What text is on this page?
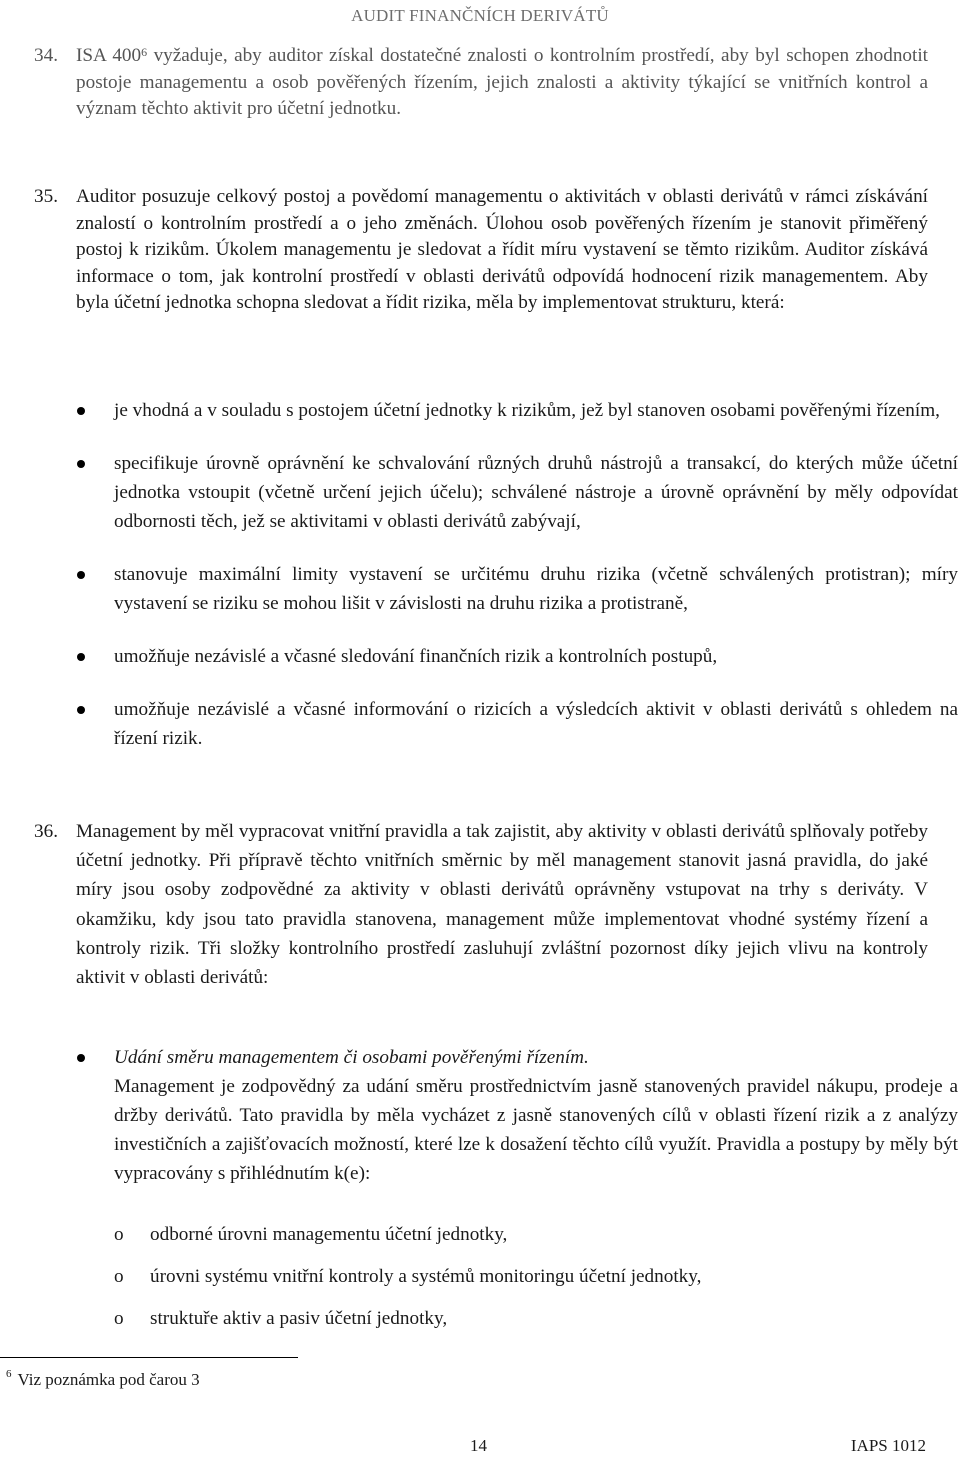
AUDIT FINANČNÍCH DERIVÁTŮ
34. ISA 400$^6$ vyžaduje, aby auditor získal dostatečné znalosti o kontrolním prostředí, aby byl schopen zhodnotit postoje managementu a osob pověřených řízením, jejich znalosti a aktivity týkající se vnitřních kontrol a význam těchto aktivit pro účetní jednotku.
35. Auditor posuzuje celkový postoj a povědomí managementu o aktivitách v oblasti derivátů v rámci získávání znalostí o kontrolním prostředí a o jeho změnách. Úlohou osob pověřených řízením je stanovit přiměřený postoj k rizikům. Úkolem managementu je sledovat a řídit míru vystavení se těmto rizikům. Auditor získává informace o tom, jak kontrolní prostředí v oblasti derivátů odpovídá hodnocení rizik managementem. Aby byla účetní jednotka schopna sledovat a řídit rizika, měla by implementovat strukturu, která:
je vhodná a v souladu s postojem účetní jednotky k rizikům, jež byl stanoven osobami pověřenými řízením,
specifikuje úrovně oprávnění ke schvalování různých druhů nástrojů a transakcí, do kterých může účetní jednotka vstoupit (včetně určení jejich účelu); schválené nástroje a úrovně oprávnění by měly odpovídat odbornosti těch, jež se aktivitami v oblasti derivátů zabývají,
stanovuje maximální limity vystavení se určitému druhu rizika (včetně schválených protistran); míry vystavení se riziku se mohou lišit v závislosti na druhu rizika a protistraně,
umožňuje nezávislé a včasné sledování finančních rizik a kontrolních postupů,
umožňuje nezávislé a včasné informování o rizicích a výsledcích aktivit v oblasti derivátů s ohledem na řízení rizik.
36. Management by měl vypracovat vnitřní pravidla a tak zajistit, aby aktivity v oblasti derivátů splňovaly potřeby účetní jednotky. Při přípravě těchto vnitřních směrnic by měl management stanovit jasná pravidla, do jaké míry jsou osoby zodpovědné za aktivity v oblasti derivátů oprávněny vstupovat na trhy s deriváty. V okamžiku, kdy jsou tato pravidla stanovena, management může implementovat vhodné systémy řízení a kontroly rizik. Tři složky kontrolního prostředí zasluhují zvláštní pozornost díky jejich vlivu na kontroly aktivit v oblasti derivátů:
Udání směru managementem či osobami pověřenými řízením.
Management je zodpovědný za udání směru prostřednictvím jasně stanovených pravidel nákupu, prodeje a držby derivátů. Tato pravidla by měla vycházet z jasně stanovených cílů v oblasti řízení rizik a z analýzy investičních a zajišťovacích možností, které lze k dosažení těchto cílů využít. Pravidla a postupy by měly být vypracovány s přihlédnutím k(e):
o odborné úrovni managementu účetní jednotky,
o úrovni systému vnitřní kontroly a systémů monitoringu účetní jednotky,
o struktuře aktiv a pasiv účetní jednotky,
$^6$ Viz poznámka pod čarou 3
14	IAPS 1012
